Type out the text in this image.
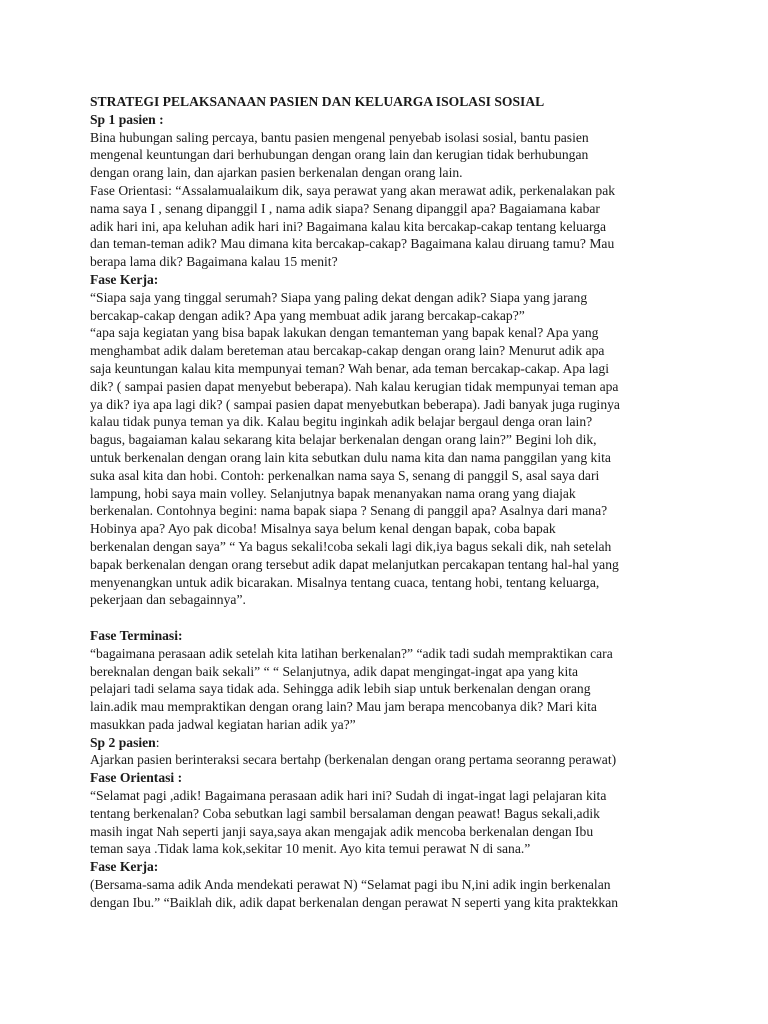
STRATEGI PELAKSANAAN PASIEN DAN KELUARGA ISOLASI SOSIAL
Sp 1 pasien :
Bina hubungan saling percaya, bantu pasien mengenal penyebab isolasi sosial, bantu pasien
mengenal keuntungan dari berhubungan dengan orang lain dan kerugian tidak berhubungan
dengan orang lain, dan ajarkan pasien berkenalan dengan orang lain.
Fase Orientasi: “Assalamualaikum dik, saya perawat yang akan merawat adik, perkenalakan pak
nama saya I , senang dipanggil I , nama adik siapa? Senang dipanggil apa? Bagaiamana kabar
adik hari ini, apa keluhan adik hari ini? Bagaimana kalau kita bercakap-cakap tentang keluarga
dan teman-teman adik? Mau dimana kita bercakap-cakap? Bagaimana kalau diruang tamu? Mau
berapa lama dik? Bagaimana kalau 15 menit?
Fase Kerja:
“Siapa saja yang tinggal serumah? Siapa yang paling dekat dengan adik? Siapa yang jarang
bercakap-cakap dengan adik? Apa yang membuat adik jarang bercakap-cakap?”
“apa saja kegiatan yang bisa bapak lakukan dengan temanteman yang bapak kenal? Apa yang
menghambat adik dalam bereteman atau bercakap-cakap dengan orang lain? Menurut adik apa
saja keuntungan kalau kita mempunyai teman? Wah benar, ada teman bercakap-cakap. Apa lagi
dik? ( sampai pasien dapat menyebut beberapa). Nah kalau kerugian tidak mempunyai teman apa
ya dik? iya apa lagi dik? ( sampai pasien dapat menyebutkan beberapa). Jadi banyak juga ruginya
kalau tidak punya teman ya dik. Kalau begitu inginkah adik belajar bergaul denga oran lain?
bagus, bagaiaman kalau sekarang kita belajar berkenalan dengan orang lain?” Begini loh dik,
untuk berkenalan dengan orang lain kita sebutkan dulu nama kita dan nama panggilan yang kita
suka asal kita dan hobi. Contoh: perkenalkan nama saya S, senang di panggil S, asal saya dari
lampung, hobi saya main volley. Selanjutnya bapak menanyakan nama orang yang diajak
berkenalan. Contohnya begini: nama bapak siapa ? Senang di panggil apa? Asalnya dari mana?
Hobinya apa? Ayo pak dicoba! Misalnya saya belum kenal dengan bapak, coba bapak
berkenalan dengan saya” “ Ya bagus sekali!coba sekali lagi dik,iya bagus sekali dik, nah setelah
bapak berkenalan dengan orang tersebut adik dapat melanjutkan percakapan tentang hal-hal yang
menyenangkan untuk adik bicarakan. Misalnya tentang cuaca, tentang hobi, tentang keluarga,
pekerjaan dan sebagainnya”.
Fase Terminasi:
“bagaimana perasaan adik setelah kita latihan berkenalan?” “adik tadi sudah mempraktikan cara
bereknalan dengan baik sekali” “ “ Selanjutnya, adik dapat mengingat-ingat apa yang kita
pelajari tadi selama saya tidak ada. Sehingga adik lebih siap untuk berkenalan dengan orang
lain.adik mau mempraktikan dengan orang lain? Mau jam berapa mencobanya dik? Mari kita
masukkan pada jadwal kegiatan harian adik ya?”
Sp 2 pasien:
Ajarkan pasien berinteraksi secara bertahp (berkenalan dengan orang pertama seoranng perawat)
Fase Orientasi :
“Selamat pagi ,adik! Bagaimana perasaan adik hari ini? Sudah di ingat-ingat lagi pelajaran kita
tentang berkenalan? Coba sebutkan lagi sambil bersalaman dengan peawat! Bagus sekali,adik
masih ingat Nah seperti janji saya,saya akan mengajak adik mencoba berkenalan dengan Ibu
teman saya .Tidak lama kok,sekitar 10 menit. Ayo kita temui perawat N di sana.”
Fase Kerja:
(Bersama-sama adik Anda mendekati perawat N) “Selamat pagi ibu N,ini adik ingin berkenalan
dengan Ibu.” “Baiklah dik, adik dapat berkenalan dengan perawat N seperti yang kita praktekkan
